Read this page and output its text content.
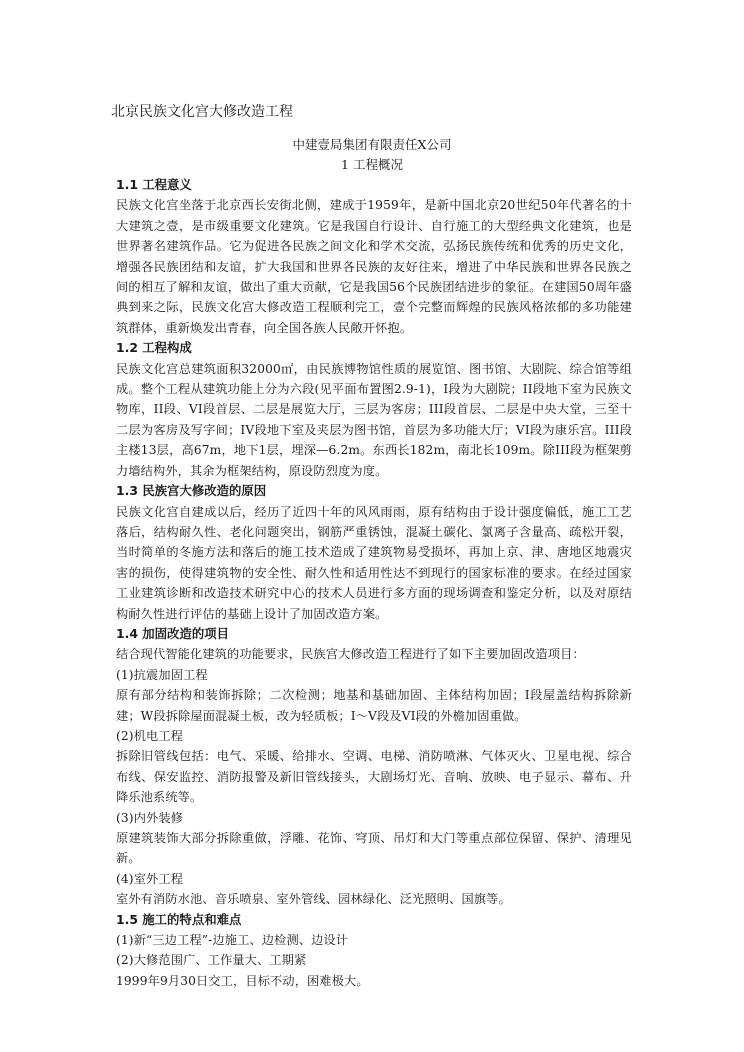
北京民族文化宫大修改造工程
中建壹局集团有限责任X公司
1 工程概况
1.1 工程意义

民族文化宫坐落于北京西长安街北侧，建成于1959年，是新中国北京20世纪50年代著名的十大建筑之壹，是市级重要文化建筑。它是我国自行设计、自行施工的大型经典文化建筑，也是世界著名建筑作品。它为促进各民族之间文化和学术交流，弘扬民族传统和优秀的历史文化，增强各民族团结和友谊，扩大我国和世界各民族的友好往来，增进了中华民族和世界各民族之间的相互了解和友谊，做出了重大贡献，它是我国56个民族团结进步的象征。在建国50周年盛典到来之际，民族文化宫大修改造工程顺利完工，壹个完整而辉煌的民族风格浓郁的多功能建筑群体，重新焕发出青春，向全国各族人民敞开怀抱。

1.2 工程构成

民族文化宫总建筑面积32000㎡，由民族博物馆性质的展览馆、图书馆、大剧院、综合馆等组成。整个工程从建筑功能上分为六段(见平面布置图2.9-1)，I段为大剧院；II段地下室为民族文物库，II段、VI段首层、二层是展览大厅，三层为客房；III段首层、二层是中央大堂，三至十二层为客房及写字间；IV段地下室及夹层为图书馆，首层为多功能大厅；VI段为康乐宫。III段主楼13层，高67m，地下1层，埋深—6.2m。东西长182m，南北长109m。除III段为框架剪力墙结构外，其余为框架结构，原设防烈度为度。

1.3 民族宫大修改造的原因

民族文化宫自建成以后，经历了近四十年的风风雨雨，原有结构由于设计强度偏低，施工工艺落后，结构耐久性、老化问题突出，钢筋严重锈蚀，混凝土碳化、氯离子含量高、疏松开裂，当时简单的冬施方法和落后的施工技术造成了建筑物易受损坏，再加上京、津、唐地区地震灾害的损伤，使得建筑物的安全性、耐久性和适用性达不到现行的国家标准的要求。在经过国家工业建筑诊断和改造技术研究中心的技术人员进行多方面的现场调查和鉴定分析，以及对原结构耐久性进行评估的基础上设计了加固改造方案。

1.4 加固改造的项目

结合现代智能化建筑的功能要求，民族宫大修改造工程进行了如下主要加固改造项目：

(1)抗震加固工程

原有部分结构和装饰拆除；二次检测；地基和基础加固、主体结构加固；I段屋盖结构拆除新建；W段拆除屋面混凝土板，改为轻质板；I～V段及VI段的外檐加固重做。

(2)机电工程

拆除旧管线包括：电气、采暖、给排水、空调、电梯、消防喷淋、气体灭火、卫星电视、综合布线、保安监控、消防报警及新旧管线接头，大剧场灯光、音响、放映、电子显示、幕布、升降乐池系统等。

(3)内外装修

原建筑装饰大部分拆除重做，浮雕、花饰、穹顶、吊灯和大门等重点部位保留、保护、清理见新。

(4)室外工程

室外有消防水池、音乐喷泉、室外管线、园林绿化、泛光照明、国旗等。

1.5 施工的特点和难点

(1)新“三边工程”-边施工、边检测、边设计

(2)大修范围广、工作量大、工期紧

1999年9月30日交工，目标不动，困难极大。
